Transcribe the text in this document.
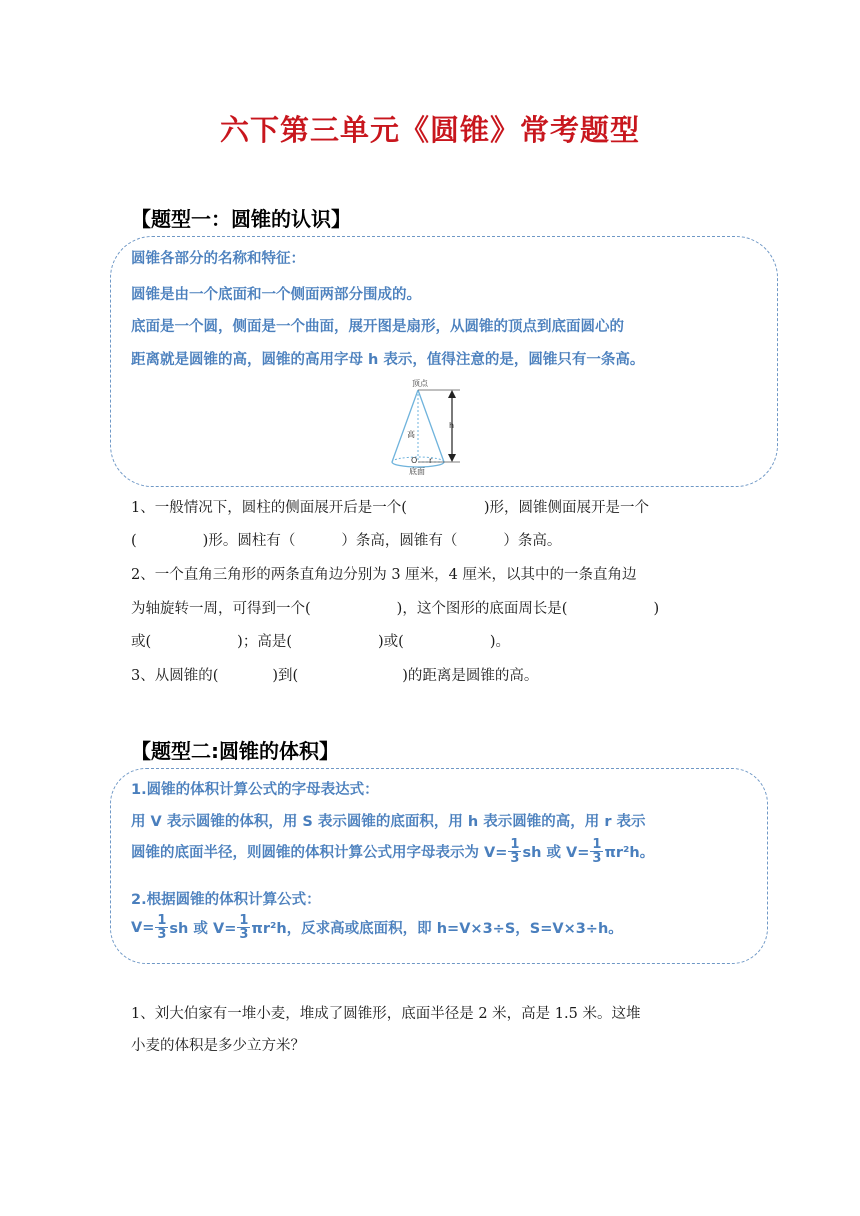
六下第三单元《圆锥》常考题型
【题型一：圆锥的认识】
圆锥各部分的名称和特征：
圆锥是由一个底面和一个侧面两部分围成的。
底面是一个圆，侧面是一个曲面，展开图是扇形，从圆锥的顶点到底面圆心的
距离就是圆锥的高，圆锥的高用字母 h 表示，值得注意的是，圆锥只有一条高。
顶点
高
h
O r
底面
1、一般情况下，圆柱的侧面展开后是一个(	)形，圆锥侧面展开是一个
(	)形。圆柱有（	）条高，圆锥有（	）条高。
2、一个直角三角形的两条直角边分别为 3 厘米，4 厘米，以其中的一条直角边
为轴旋转一周，可得到一个(	)，这个图形的底面周长是(	)
或(	)；高是(	)或(	)。
3、从圆锥的(	)到(	)的距离是圆锥的高。
【题型二:圆锥的体积】
1.圆锥的体积计算公式的字母表达式：
用 V 表示圆锥的体积，用 S 表示圆锥的底面积，用 h 表示圆锥的高，用 r 表示
圆锥的底面半径，则圆锥的体积计算公式用字母表示为 $V= \frac{1}{3}$ sh 或 $V= \frac{1}{3} \pi r^2h$。
2.根据圆锥的体积计算公式：
$V= \frac{1}{3}$ sh 或 $V= \frac{1}{3} \pi r^2h$，反求高或底面积，即 h=V×3÷S，S=V×3÷h。
1、刘大伯家有一堆小麦，堆成了圆锥形，底面半径是 2 米，高是 1.5 米。这堆
小麦的体积是多少立方米？
